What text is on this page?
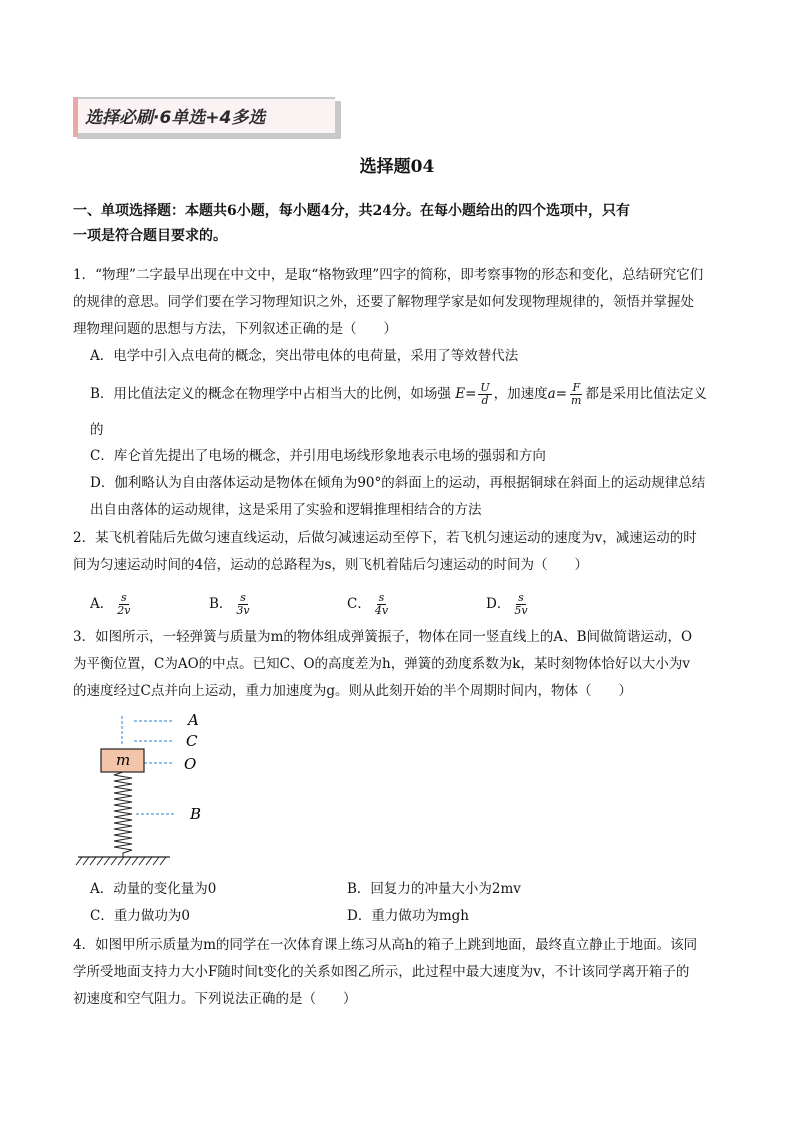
选择必刷·6单选+4多选
选择题04
一、单项选择题：本题共6小题，每小题4分，共24分。在每小题给出的四个选项中，只有
一项是符合题目要求的。
1．“物理”二字最早出现在中文中，是取“格物致理”四字的简称，即考察事物的形态和变化，总结研究它们
的规律的意思。同学们要在学习物理知识之外，还要了解物理学家是如何发现物理规律的，领悟并掌握处
理物理问题的思想与方法，下列叙述正确的是（　　）
A．电学中引入点电荷的概念，突出带电体的电荷量，采用了等效替代法
B．用比值法定义的概念在物理学中占相当大的比例，如场强 $E= \frac{U}{d}$ ，加速度$a= \frac{F}{m}$ 都是采用比值法定义
的
C．库仑首先提出了电场的概念，并引用电场线形象地表示电场的强弱和方向
D．伽利略认为自由落体运动是物体在倾角为90°的斜面上的运动，再根据铜球在斜面上的运动规律总结
出自由落体的运动规律，这是采用了实验和逻辑推理相结合的方法
2．某飞机着陆后先做匀速直线运动，后做匀减速运动至停下，若飞机匀速运动的速度为v，减速运动的时
间为匀速运动时间的4倍，运动的总路程为s，则飞机着陆后匀速运动的时间为（　　）
A． $\frac{s}{2v}$	B． $\frac{s}{3v}$	C． $\frac{s}{4v}$	D． $\frac{s}{5v}$
3．如图所示，一轻弹簧与质量为m的物体组成弹簧振子，物体在同一竖直线上的A、B间做简谐运动，O
为平衡位置，C为AO的中点。已知C、O的高度差为h，弹簧的劲度系数为k，某时刻物体恰好以大小为v
的速度经过C点并向上运动，重力加速度为g。则从此刻开始的半个周期时间内，物体（　　）
A
C
O
B
m
A．动量的变化量为0	B．回复力的冲量大小为2mv
C．重力做功为0	D．重力做功为mgh
4．如图甲所示质量为m的同学在一次体育课上练习从高h的箱子上跳到地面，最终直立静止于地面。该同
学所受地面支持力大小F随时间t变化的关系如图乙所示，此过程中最大速度为v，不计该同学离开箱子的
初速度和空气阻力。下列说法正确的是（　　）
